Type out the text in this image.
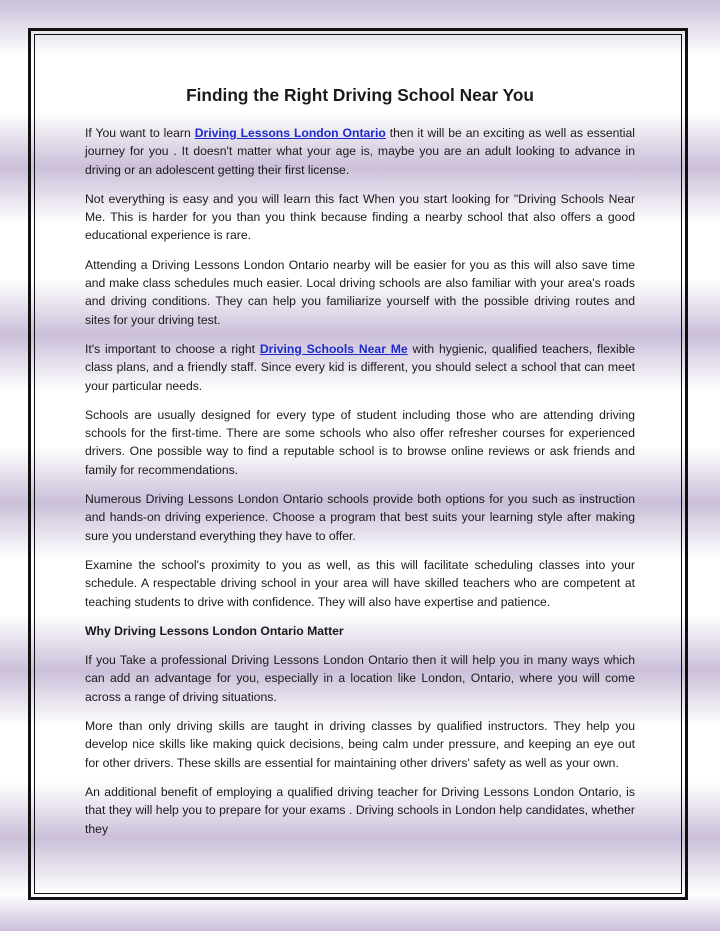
Finding the Right Driving School Near You

If You want to learn Driving Lessons London Ontario then it will be an exciting as well as essential journey for you . It doesn't matter what your age is, maybe you are an adult looking to advance in driving or an adolescent getting their first license.

Not everything is easy and you will learn this fact When you start looking for "Driving Schools Near Me. This is harder for you than you think because finding a nearby school that also offers a good educational experience is rare.

Attending a Driving Lessons London Ontario nearby will be easier for you as this will also save time and make class schedules much easier. Local driving schools are also familiar with your area's roads and driving conditions. They can help you familiarize yourself with the possible driving routes and sites for your driving test.

It's important to choose a right Driving Schools Near Me with hygienic, qualified teachers, flexible class plans, and a friendly staff. Since every kid is different, you should select a school that can meet your particular needs.

Schools are usually designed for every type of student including those who are attending driving schools for the first-time. There are some schools who also offer refresher courses for experienced drivers. One possible way to find a reputable school is to browse online reviews or ask friends and family for recommendations.

Numerous Driving Lessons London Ontario schools provide both options for you such as instruction and hands-on driving experience. Choose a program that best suits your learning style after making sure you understand everything they have to offer.

Examine the school's proximity to you as well, as this will facilitate scheduling classes into your schedule. A respectable driving school in your area will have skilled teachers who are competent at teaching students to drive with confidence. They will also have expertise and patience.

Why Driving Lessons London Ontario Matter

If you Take a professional Driving Lessons London Ontario then it will help you in many ways which can add an advantage for you, especially in a location like London, Ontario, where you will come across a range of driving situations.

More than only driving skills are taught in driving classes by qualified instructors. They help you develop nice skills like making quick decisions, being calm under pressure, and keeping an eye out for other drivers. These skills are essential for maintaining other drivers' safety as well as your own.

An additional benefit of employing a qualified driving teacher for Driving Lessons London Ontario, is that they will help you to prepare for your exams . Driving schools in London help candidates, whether they
